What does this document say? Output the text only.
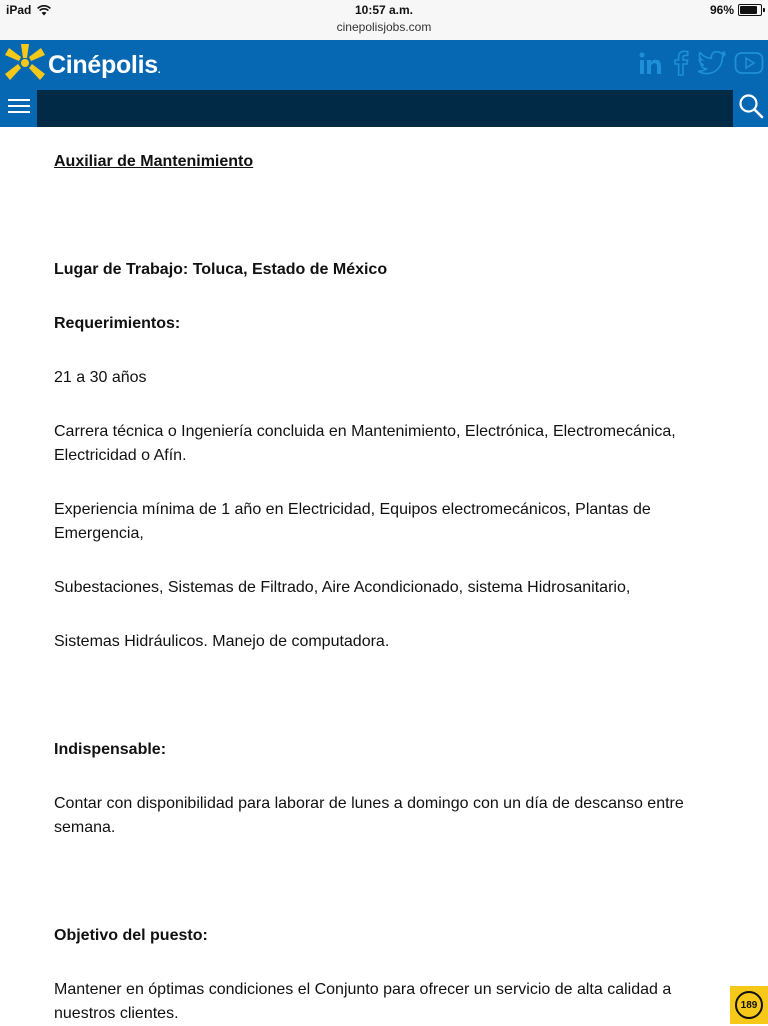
iPad	10:57 a.m.
cinepolisjobs.com
96%
Cinépolis .

Auxiliar de Mantenimiento

Lugar de Trabajo: Toluca, Estado de México

Requerimientos:

21 a 30 años

Carrera técnica o Ingeniería concluida en Mantenimiento, Electrónica, Electromecánica, Electricidad o Afín.

Experiencia mínima de 1 año en Electricidad, Equipos electromecánicos, Plantas de Emergencia,

Subestaciones, Sistemas de Filtrado, Aire Acondicionado, sistema Hidrosanitario,

Sistemas Hidráulicos. Manejo de computadora.

Indispensable:

Contar con disponibilidad para laborar de lunes a domingo con un día de descanso entre semana.

Objetivo del puesto:

Mantener en óptimas condiciones el Conjunto para ofrecer un servicio de alta calidad a nuestros clientes.	189
